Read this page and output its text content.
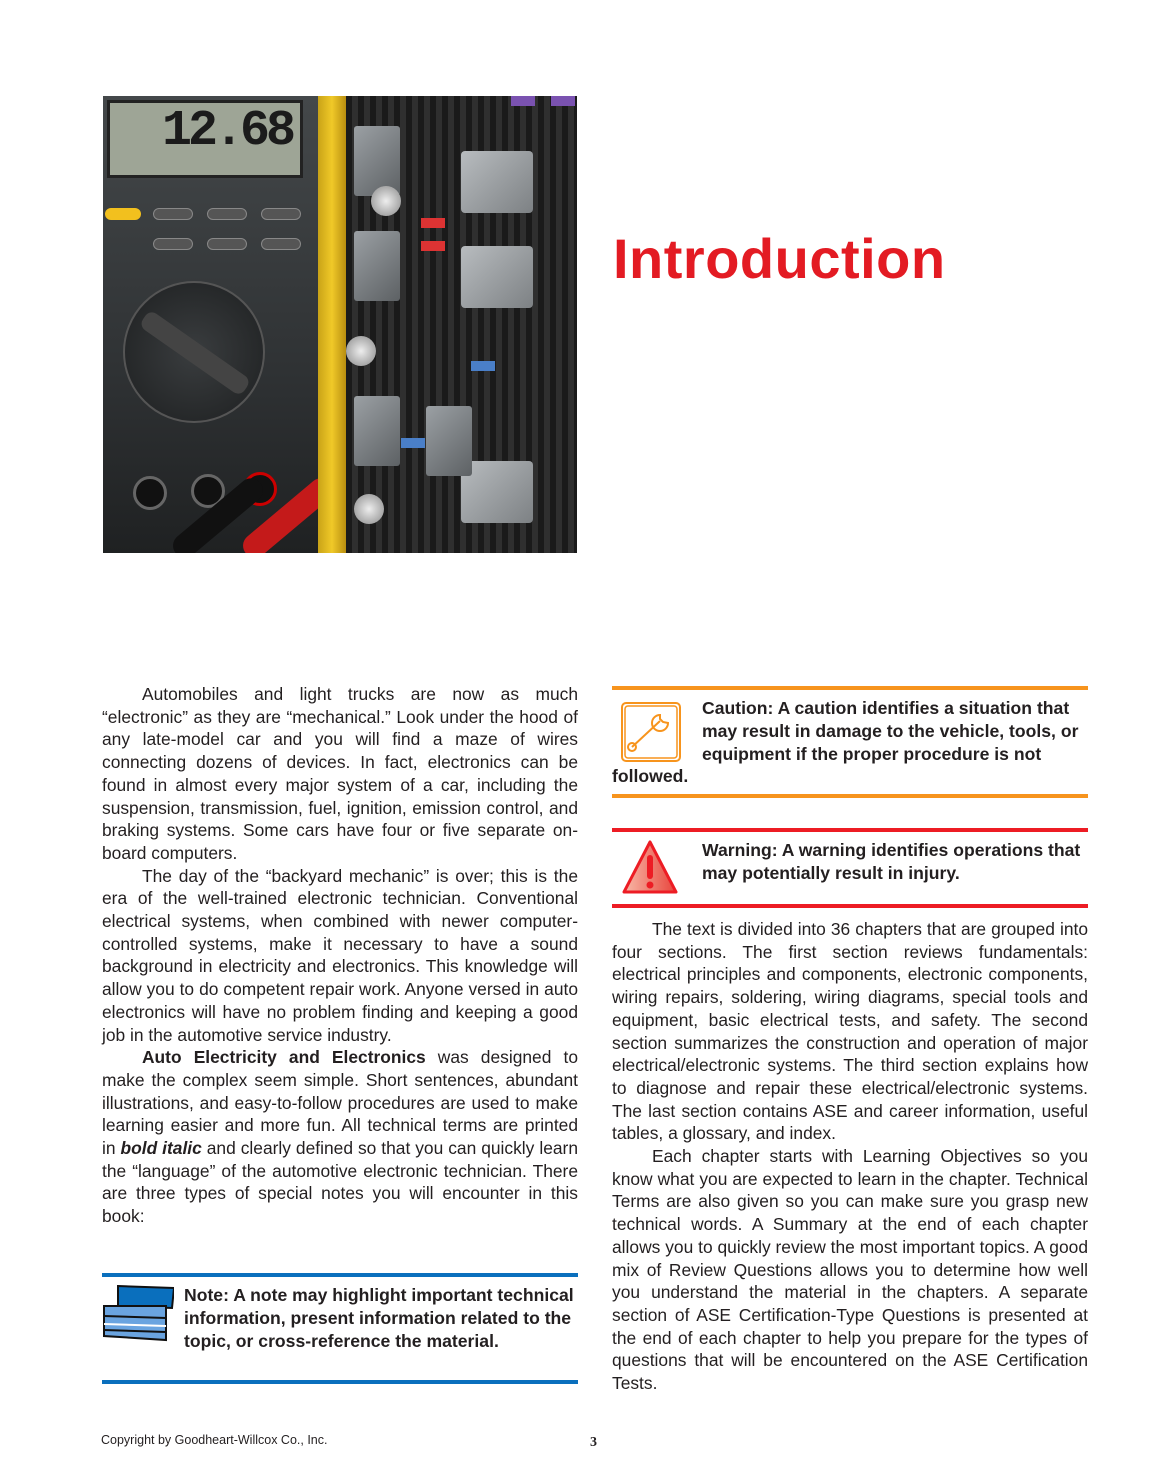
12.68
Introduction

Automobiles and light trucks are now as much “electronic” as they are “mechanical.” Look under the hood of any late-model car and you will find a maze of wires connecting dozens of devices. In fact, electronics can be found in almost every major system of a car, including the suspension, transmission, fuel, ignition, emission control, and braking systems. Some cars have four or five separate on-board computers.

The day of the “backyard mechanic” is over; this is the era of the well-trained electronic technician. Conventional electrical systems, when combined with newer computer-controlled systems, make it necessary to have a sound background in electricity and electronics. This knowledge will allow you to do competent repair work. Anyone versed in auto electronics will have no problem finding and keeping a good job in the automotive service industry.

Auto Electricity and Electronics was designed to make the complex seem simple. Short sentences, abundant illustrations, and easy-to-follow procedures are used to make learning easier and more fun. All technical terms are printed in bold italic and clearly defined so that you can quickly learn the “language” of the automotive electronic technician. There are three types of special notes you will encounter in this book:

Note: A note may highlight important technical information, present information related to the topic, or cross-reference the material.
Caution: A caution identifies a situation that may result in damage to the vehicle, tools, or equipment if the proper procedure is not followed.
Warning: A warning identifies operations that may potentially result in injury.

The text is divided into 36 chapters that are grouped into four sections. The first section reviews fundamentals: electrical principles and components, electronic components, wiring repairs, soldering, wiring diagrams, special tools and equipment, basic electrical tests, and safety. The second section summarizes the construction and operation of major electrical/electronic systems. The third section explains how to diagnose and repair these electrical/electronic systems. The last section contains ASE and career information, useful tables, a glossary, and index.

Each chapter starts with Learning Objectives so you know what you are expected to learn in the chapter. Technical Terms are also given so you can make sure you grasp new technical words. A Summary at the end of each chapter allows you to quickly review the most important topics. A good mix of Review Questions allows you to determine how well you understand the material in the chapters. A separate section of ASE Certification-Type Questions is presented at the end of each chapter to help you prepare for the types of questions that will be encountered on the ASE Certification Tests.

Copyright by Goodheart-Willcox Co., Inc.	3
